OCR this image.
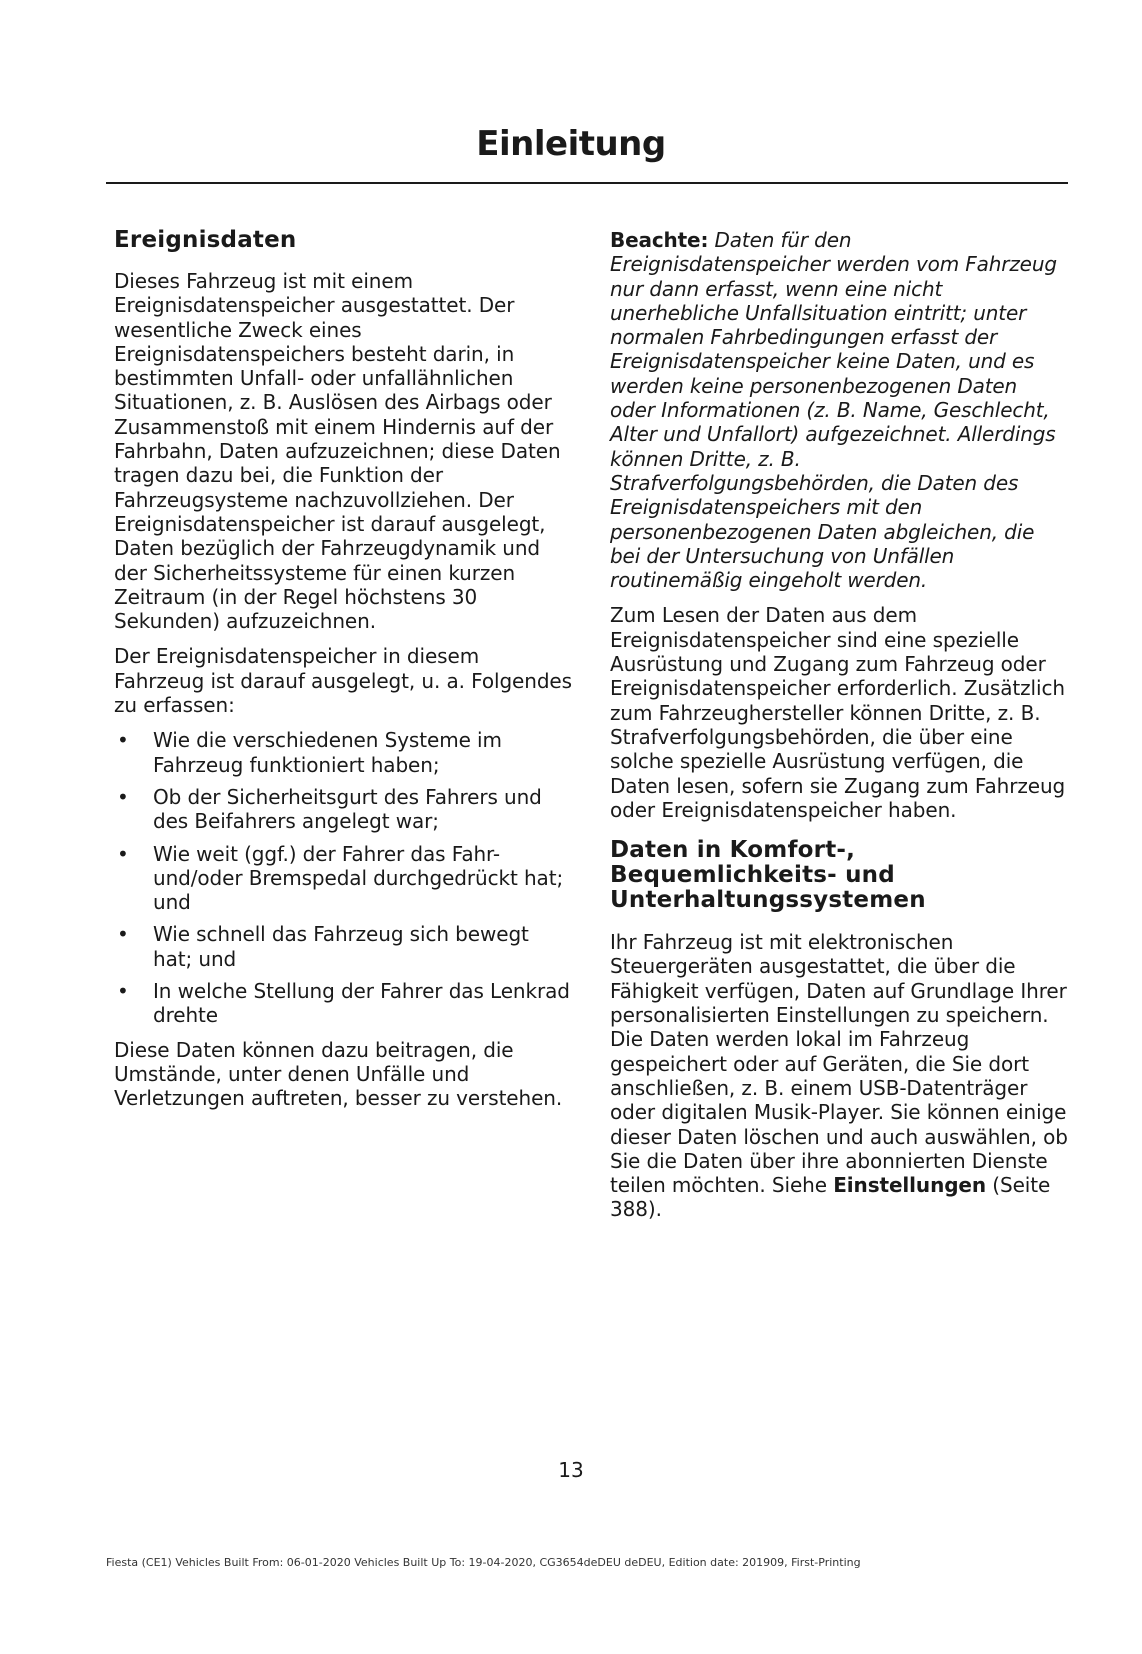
Einleitung
Ereignisdaten

Dieses Fahrzeug ist mit einem Ereignisdatenspeicher ausgestattet. Der wesentliche Zweck eines Ereignisdatenspeichers besteht darin, in bestimmten Unfall- oder unfallähnlichen Situationen, z. B. Auslösen des Airbags oder Zusammenstoß mit einem Hindernis auf der Fahrbahn, Daten aufzuzeichnen; diese Daten tragen dazu bei, die Funktion der Fahrzeugsysteme nachzuvollziehen. Der Ereignisdatenspeicher ist darauf ausgelegt, Daten bezüglich der Fahrzeugdynamik und der Sicherheitssysteme für einen kurzen Zeitraum (in der Regel höchstens 30 Sekunden) aufzuzeichnen.

Der Ereignisdatenspeicher in diesem Fahrzeug ist darauf ausgelegt, u. a. Folgendes zu erfassen:

• Wie die verschiedenen Systeme im Fahrzeug funktioniert haben;
• Ob der Sicherheitsgurt des Fahrers und des Beifahrers angelegt war;
• Wie weit (ggf.) der Fahrer das Fahr- und/oder Bremspedal durchgedrückt hat; und
• Wie schnell das Fahrzeug sich bewegt hat; und
• In welche Stellung der Fahrer das Lenkrad drehte

Diese Daten können dazu beitragen, die Umstände, unter denen Unfälle und Verletzungen auftreten, besser zu verstehen.

Beachte: Daten für den Ereignisdatenspeicher werden vom Fahrzeug nur dann erfasst, wenn eine nicht unerhebliche Unfallsituation eintritt; unter normalen Fahrbedingungen erfasst der Ereignisdatenspeicher keine Daten, und es werden keine personenbezogenen Daten oder Informationen (z. B. Name, Geschlecht, Alter und Unfallort) aufgezeichnet. Allerdings können Dritte, z. B. Strafverfolgungsbehörden, die Daten des Ereignisdatenspeichers mit den personenbezogenen Daten abgleichen, die bei der Untersuchung von Unfällen routinemäßig eingeholt werden.

Zum Lesen der Daten aus dem Ereignisdatenspeicher sind eine spezielle Ausrüstung und Zugang zum Fahrzeug oder Ereignisdatenspeicher erforderlich. Zusätzlich zum Fahrzeughersteller können Dritte, z. B. Strafverfolgungsbehörden, die über eine solche spezielle Ausrüstung verfügen, die Daten lesen, sofern sie Zugang zum Fahrzeug oder Ereignisdatenspeicher haben.

Daten in Komfort-, Bequemlichkeits- und Unterhaltungssystemen

Ihr Fahrzeug ist mit elektronischen Steuergeräten ausgestattet, die über die Fähigkeit verfügen, Daten auf Grundlage Ihrer personalisierten Einstellungen zu speichern. Die Daten werden lokal im Fahrzeug gespeichert oder auf Geräten, die Sie dort anschließen, z. B. einem USB-Datenträger oder digitalen Musik-Player. Sie können einige dieser Daten löschen und auch auswählen, ob Sie die Daten über ihre abonnierten Dienste teilen möchten. Siehe Einstellungen (Seite 388).

13
Fiesta (CE1) Vehicles Built From: 06-01-2020 Vehicles Built Up To: 19-04-2020, CG3654deDEU deDEU, Edition date: 201909, First-Printing
